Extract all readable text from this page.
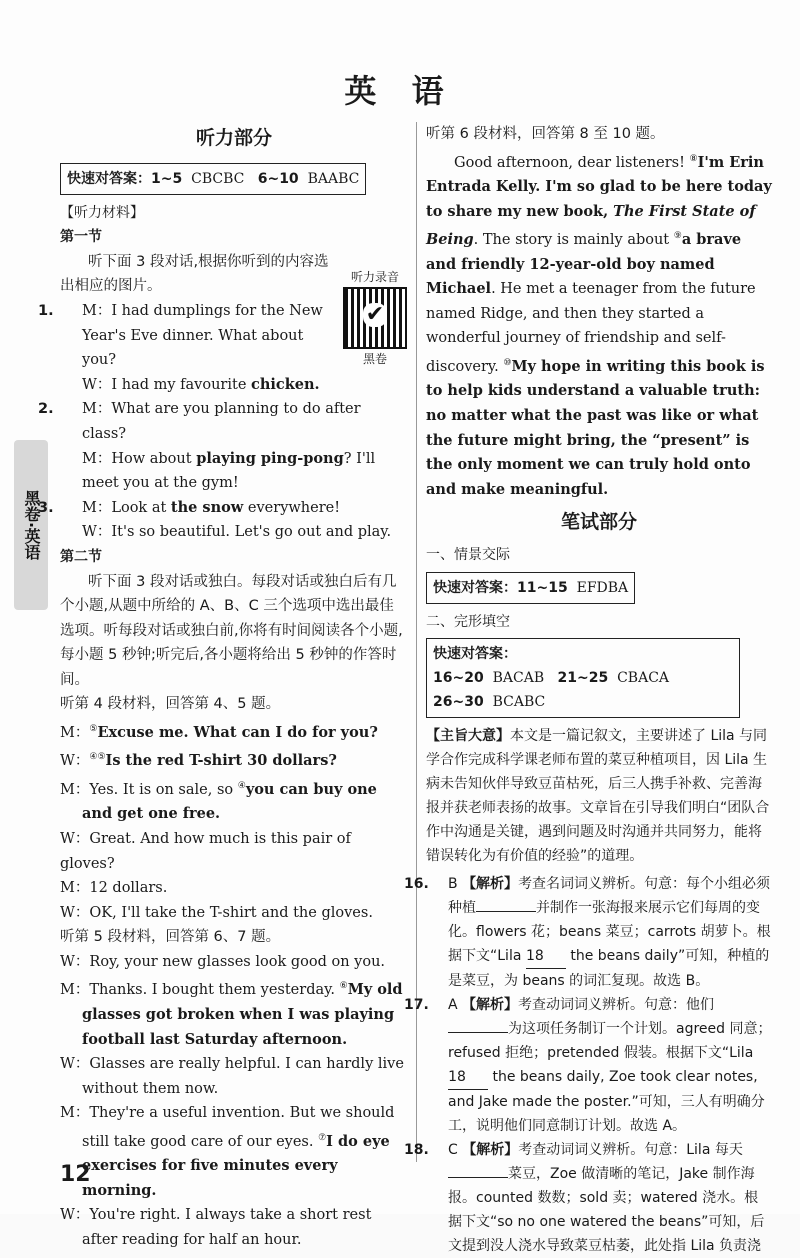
英 语
黑卷·英语
听力部分
快速对答案：1~5 CBCBC 6~10 BAABC
【听力材料】
第一节
听下面 3 段对话,根据你听到的内容选出相应的图片。
听力录音
✔
黑卷
1. M：I had dumplings for the New Year's Eve dinner. What about you?
W：I had my favourite chicken.
2. M：What are you planning to do after class?
M：How about playing ping-pong? I'll meet you at the gym!
3. M：Look at the snow everywhere!
W：It's so beautiful. Let's go out and play.
第二节
听下面 3 段对话或独白。每段对话或独白后有几个小题,从题中所给的 A、B、C 三个选项中选出最佳选项。听每段对话或独白前,你将有时间阅读各个小题,每小题 5 秒钟;听完后,各小题将给出 5 秒钟的作答时间。
听第 4 段材料，回答第 4、5 题。
M：⑤Excuse me. What can I do for you?
W：④⑤Is the red T-shirt 30 dollars?
M：Yes. It is on sale, so ④you can buy one and get one free.
W：Great. And how much is this pair of gloves?
M：12 dollars.
W：OK, I'll take the T-shirt and the gloves.
听第 5 段材料，回答第 6、7 题。
W：Roy, your new glasses look good on you.
M：Thanks. I bought them yesterday. ⑥My old glasses got broken when I was playing football last Saturday afternoon.
W：Glasses are really helpful. I can hardly live without them now.
M：They're a useful invention. But we should still take good care of our eyes. ⑦I do eye exercises for five minutes every morning.
W：You're right. I always take a short rest after reading for half an hour.
听第 6 段材料，回答第 8 至 10 题。
Good afternoon, dear listeners! ⑧I'm Erin Entrada Kelly. I'm so glad to be here today to share my new book, The First State of Being. The story is mainly about ⑨a brave and friendly 12-year-old boy named Michael. He met a teenager from the future named Ridge, and then they started a wonderful journey of friendship and self-discovery. ⑩My hope in writing this book is to help kids understand a valuable truth: no matter what the past was like or what the future might bring, the “present” is the only moment we can truly hold onto and make meaningful.
笔试部分
一、情景交际
快速对答案：11~15 EFDBA
二、完形填空
快速对答案：16~20 BACAB 21~25 CBACA
26~30 BCABC
【主旨大意】本文是一篇记叙文，主要讲述了 Lila 与同学合作完成科学课老师布置的菜豆种植项目，因 Lila 生病未告知伙伴导致豆苗枯死，后三人携手补救、完善海报并获老师表扬的故事。文章旨在引导我们明白“团队合作中沟通是关键，遇到问题及时沟通并共同努力，能将错误转化为有价值的经验”的道理。
16. B 【解析】考查名词词义辨析。句意：每个小组必须种植	并制作一张海报来展示它们每周的变化。flowers 花；beans 菜豆；carrots 胡萝卜。根据下文“Lila 18 the beans daily”可知，种植的是菜豆，为 beans 的词汇复现。故选 B。
17. A 【解析】考查动词词义辨析。句意：他们为这项任务制订一个计划。agreed 同意；refused 拒绝；pretended 假装。根据下文“Lila 18 the beans daily, Zoe took clear notes, and Jake made the poster.”可知，三人有明确分工，说明他们同意制订计划。故选 A。
18. C 【解析】考查动词词义辨析。句意：Lila 每天菜豆，Zoe 做清晰的笔记，Jake 制作海报。counted 数数；sold 卖；watered 浇水。根据下文“so no one watered the beans”可知，后文提到没人浇水导致菜豆枯萎，此处指 Lila 负责浇
12
